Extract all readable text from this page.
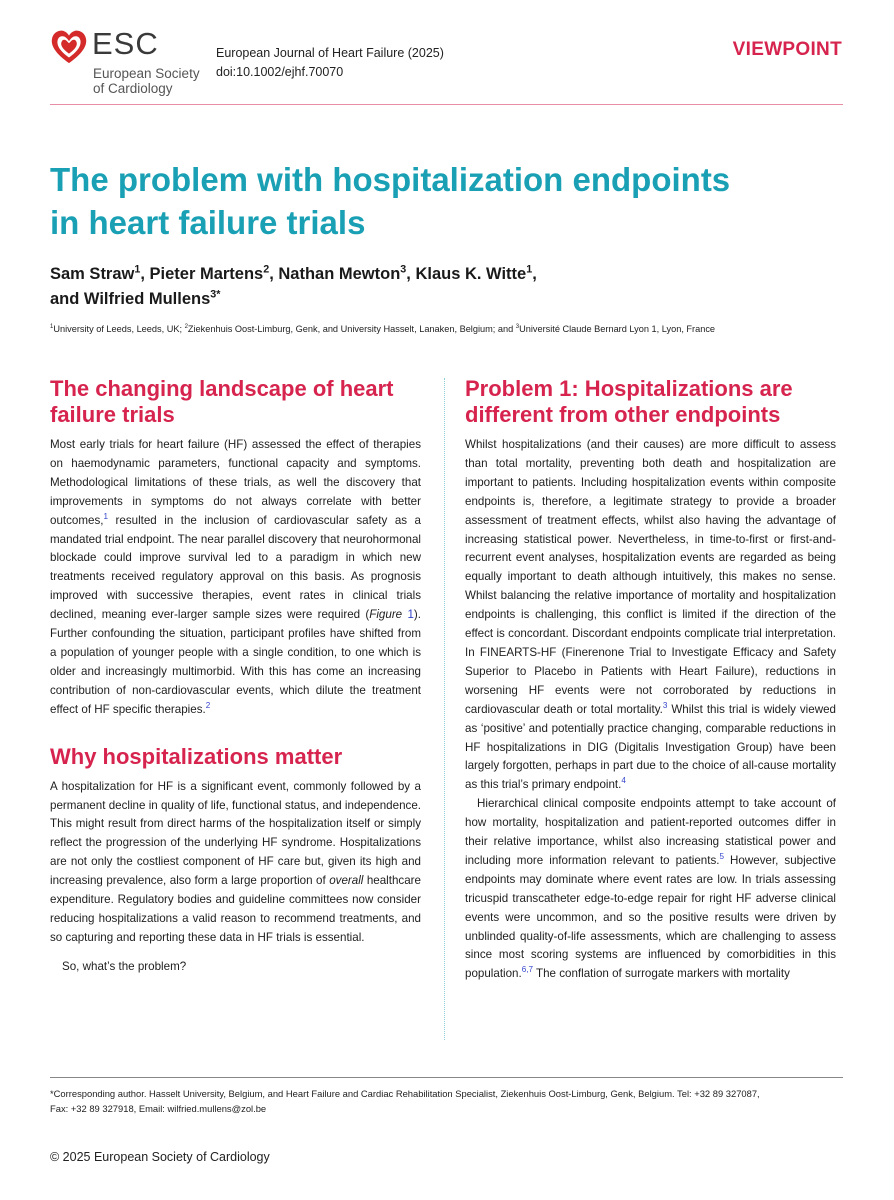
ESC
European Society
of Cardiology
European Journal of Heart Failure (2025)
doi:10.1002/ejhf.70070
VIEWPOINT
The problem with hospitalization endpoints
in heart failure trials
Sam Straw$^1$, Pieter Martens$^2$, Nathan Mewton$^3$, Klaus K. Witte$^1$,
and Wilfried Mullens$^{3*}$
$^1$University of Leeds, Leeds, UK; $^2$Ziekenhuis Oost-Limburg, Genk, and University Hasselt, Lanaken, Belgium; and $^3$Université Claude Bernard Lyon 1, Lyon, France
The changing landscape of heart failure trials

Most early trials for heart failure (HF) assessed the effect of therapies on haemodynamic parameters, functional capacity and symptoms. Methodological limitations of these trials, as well the discovery that improvements in symptoms do not always correlate with better outcomes,$^1$ resulted in the inclusion of cardiovascular safety as a mandated trial endpoint. The near parallel discovery that neurohormonal blockade could improve survival led to a paradigm in which new treatments received regulatory approval on this basis. As prognosis improved with successive therapies, event rates in clinical trials declined, meaning ever-larger sample sizes were required (Figure 1). Further confounding the situation, participant profiles have shifted from a population of younger people with a single condition, to one which is older and increasingly multimorbid. With this has come an increasing contribution of non-cardiovascular events, which dilute the treatment effect of HF specific therapies.$^2$

Why hospitalizations matter

A hospitalization for HF is a significant event, commonly followed by a permanent decline in quality of life, functional status, and independence. This might result from direct harms of the hospitalization itself or simply reflect the progression of the underlying HF syndrome. Hospitalizations are not only the costliest component of HF care but, given its high and increasing prevalence, also form a large proportion of overall healthcare expenditure. Regulatory bodies and guideline committees now consider reducing hospitalizations a valid reason to recommend treatments, and so capturing and reporting these data in HF trials is essential.

So, what’s the problem?

Problem 1: Hospitalizations are different from other endpoints

Whilst hospitalizations (and their causes) are more difficult to assess than total mortality, preventing both death and hospitalization are important to patients. Including hospitalization events within composite endpoints is, therefore, a legitimate strategy to provide a broader assessment of treatment effects, whilst also having the advantage of increasing statistical power. Nevertheless, in time-to-first or first-and-recurrent event analyses, hospitalization events are regarded as being equally important to death although intuitively, this makes no sense. Whilst balancing the relative importance of mortality and hospitalization endpoints is challenging, this conflict is limited if the direction of the effect is concordant. Discordant endpoints complicate trial interpretation. In FINEARTS-HF (Finerenone Trial to Investigate Efficacy and Safety Superior to Placebo in Patients with Heart Failure), reductions in worsening HF events were not corroborated by reductions in cardiovascular death or total mortality.$^3$ Whilst this trial is widely viewed as ‘positive’ and potentially practice changing, comparable reductions in HF hospitalizations in DIG (Digitalis Investigation Group) have been largely forgotten, perhaps in part due to the choice of all-cause mortality as this trial’s primary endpoint.$^4$

Hierarchical clinical composite endpoints attempt to take account of how mortality, hospitalization and patient-reported outcomes differ in their relative importance, whilst also increasing statistical power and including more information relevant to patients.$^5$ However, subjective endpoints may dominate where event rates are low. In trials assessing tricuspid transcatheter edge-to-edge repair for right HF adverse clinical events were uncommon, and so the positive results were driven by unblinded quality-of-life assessments, which are challenging to assess since most scoring systems are influenced by comorbidities in this population.$^{6,7}$ The conflation of surrogate markers with mortality

*Corresponding author. Hasselt University, Belgium, and Heart Failure and Cardiac Rehabilitation Specialist, Ziekenhuis Oost-Limburg, Genk, Belgium. Tel: +32 89 327087,
Fax: +32 89 327918, Email: wilfried.mullens@zol.be
© 2025 European Society of Cardiology
